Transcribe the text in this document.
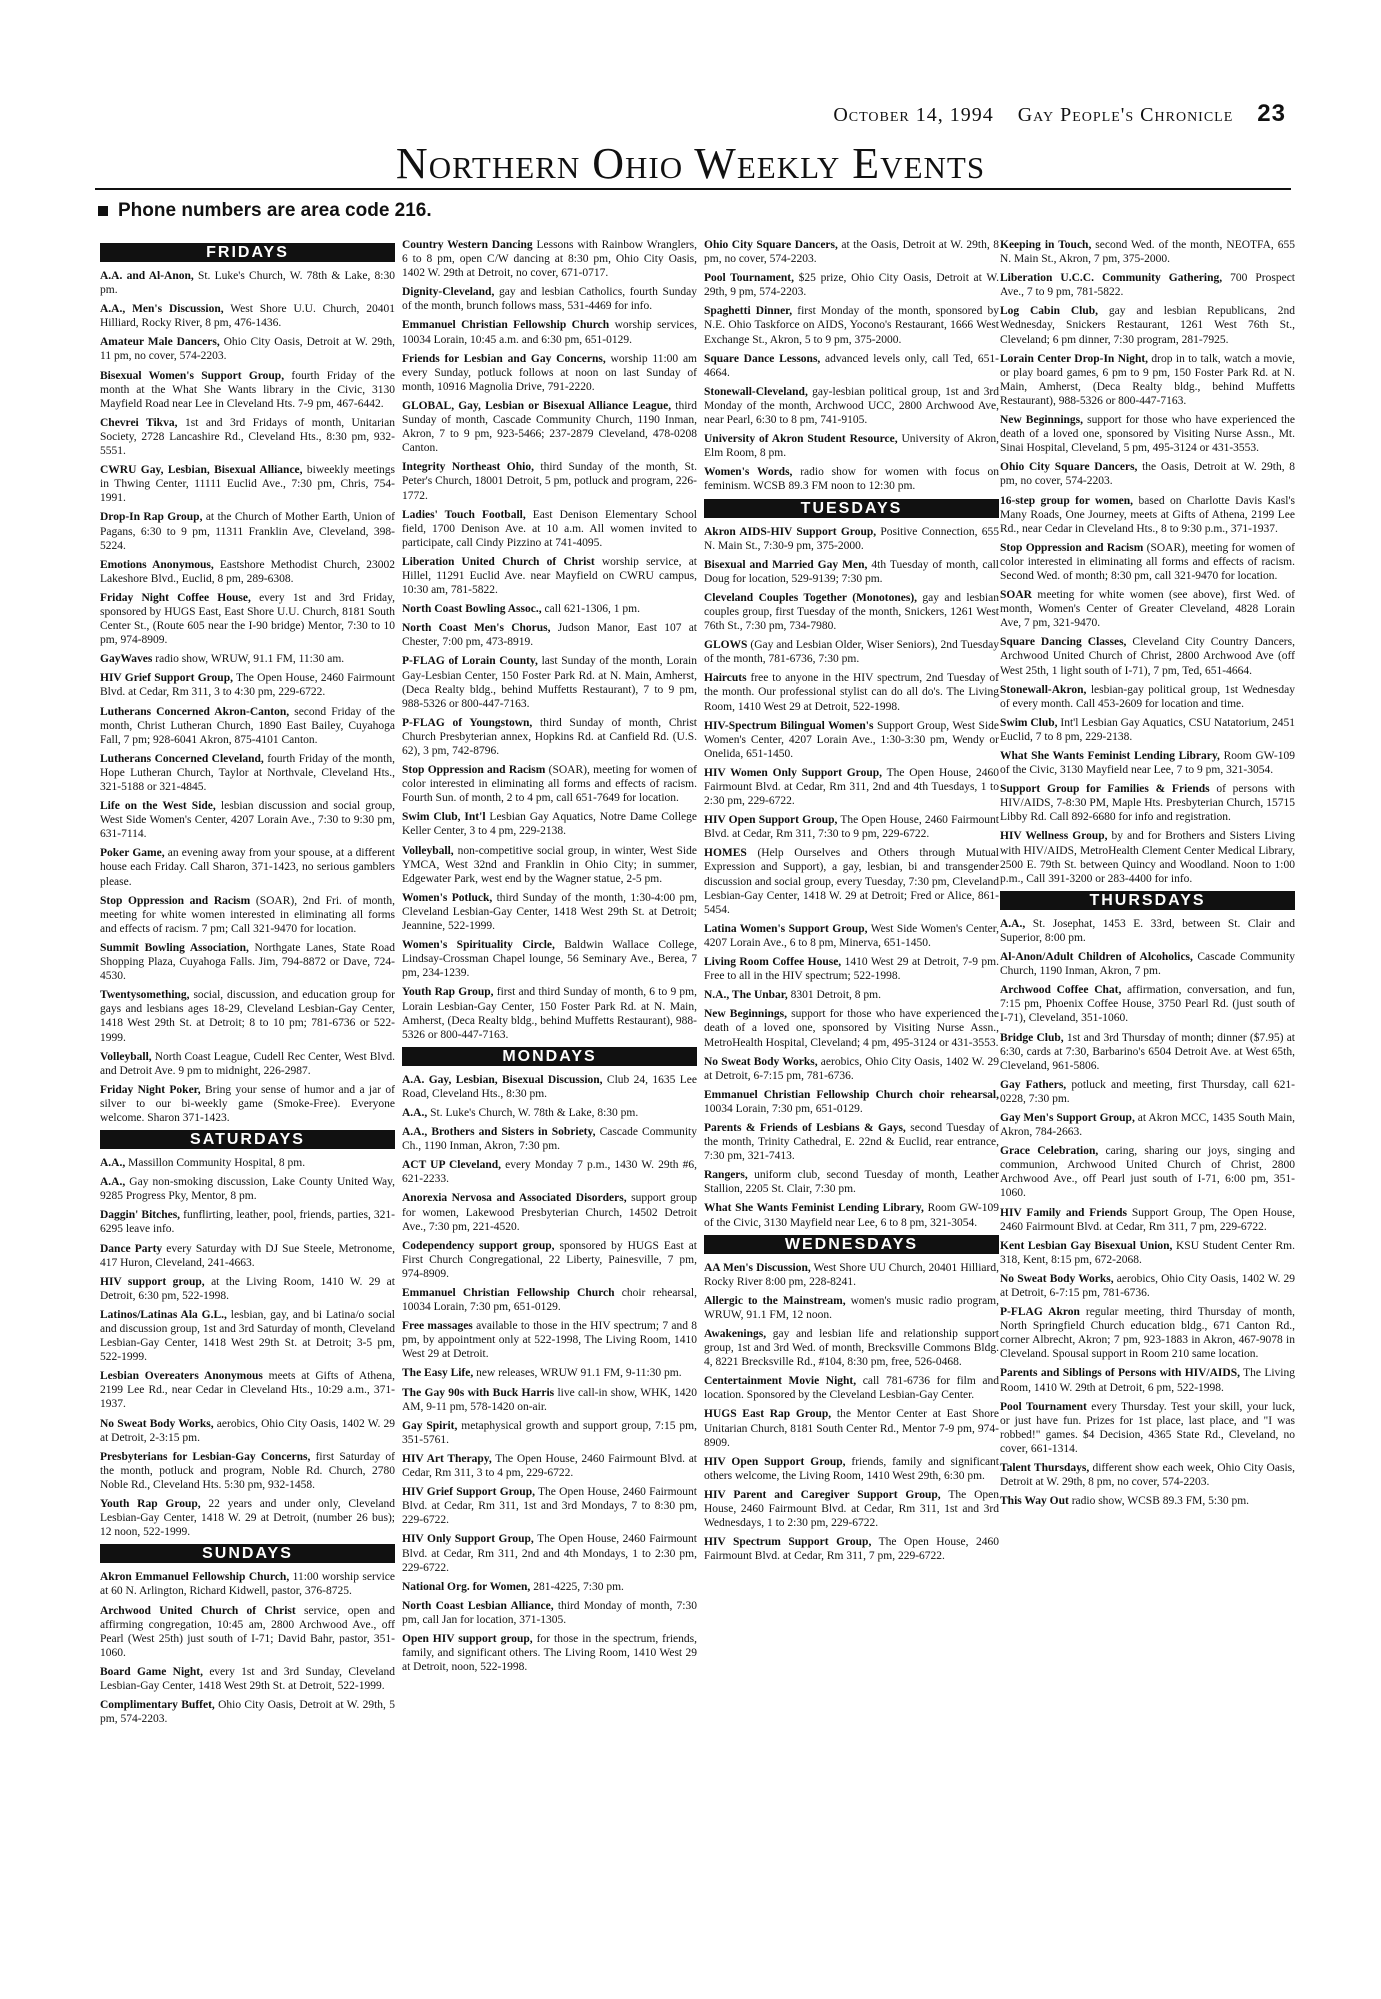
October 14, 1994 Gay People's Chronicle 23
Northern Ohio Weekly Events
Phone numbers are area code 216.
FRIDAYS
A.A. and Al-Anon, St. Luke's Church, W. 78th & Lake, 8:30 pm.
A.A., Men's Discussion, West Shore U.U. Church, 20401 Hilliard, Rocky River, 8 pm, 476-1436.
Amateur Male Dancers, Ohio City Oasis, Detroit at W. 29th, 11 pm, no cover, 574-2203.
Bisexual Women's Support Group, fourth Friday of the month at the What She Wants library in the Civic, 3130 Mayfield Road near Lee in Cleveland Hts. 7-9 pm, 467-6442.
Chevrei Tikva, 1st and 3rd Fridays of month, Unitarian Society, 2728 Lancashire Rd., Cleveland Hts., 8:30 pm, 932-5551.
CWRU Gay, Lesbian, Bisexual Alliance, biweekly meetings in Thwing Center, 11111 Euclid Ave., 7:30 pm, Chris, 754-1991.
Drop-In Rap Group, at the Church of Mother Earth, Union of Pagans, 6:30 to 9 pm, 11311 Franklin Ave, Cleveland, 398-5224.
Emotions Anonymous, Eastshore Methodist Church, 23002 Lakeshore Blvd., Euclid, 8 pm, 289-6308.
Friday Night Coffee House, every 1st and 3rd Friday, sponsored by HUGS East, East Shore U.U. Church, 8181 South Center St., (Route 605 near the I-90 bridge) Mentor, 7:30 to 10 pm, 974-8909.
GayWaves radio show, WRUW, 91.1 FM, 11:30 am.
HIV Grief Support Group, The Open House, 2460 Fairmount Blvd. at Cedar, Rm 311, 3 to 4:30 pm, 229-6722.
Lutherans Concerned Akron-Canton, second Friday of the month, Christ Lutheran Church, 1890 East Bailey, Cuyahoga Fall, 7 pm; 928-6041 Akron, 875-4101 Canton.
Lutherans Concerned Cleveland, fourth Friday of the month, Hope Lutheran Church, Taylor at Northvale, Cleveland Hts., 321-5188 or 321-4845.
Life on the West Side, lesbian discussion and social group, West Side Women's Center, 4207 Lorain Ave., 7:30 to 9:30 pm, 631-7114.
Poker Game, an evening away from your spouse, at a different house each Friday. Call Sharon, 371-1423, no serious gamblers please.
Stop Oppression and Racism (SOAR), 2nd Fri. of month, meeting for white women interested in eliminating all forms and effects of racism. 7 pm; Call 321-9470 for location.
Summit Bowling Association, Northgate Lanes, State Road Shopping Plaza, Cuyahoga Falls. Jim, 794-8872 or Dave, 724-4530.
Twentysomething, social, discussion, and education group for gays and lesbians ages 18-29, Cleveland Lesbian-Gay Center, 1418 West 29th St. at Detroit; 8 to 10 pm; 781-6736 or 522-1999.
Volleyball, North Coast League, Cudell Rec Center, West Blvd. and Detroit Ave. 9 pm to midnight, 226-2987.
Friday Night Poker, Bring your sense of humor and a jar of silver to our bi-weekly game (Smoke-Free). Everyone welcome. Sharon 371-1423.
SATURDAYS
A.A., Massillon Community Hospital, 8 pm.
A.A., Gay non-smoking discussion, Lake County United Way, 9285 Progress Pky, Mentor, 8 pm.
Daggin' Bitches, funflirting, leather, pool, friends, parties, 321-6295 leave info.
Dance Party every Saturday with DJ Sue Steele, Metronome, 417 Huron, Cleveland, 241-4663.
HIV support group, at the Living Room, 1410 W. 29 at Detroit, 6:30 pm, 522-1998.
Latinos/Latinas Ala G.L., lesbian, gay, and bi Latina/o social and discussion group, 1st and 3rd Saturday of month, Cleveland Lesbian-Gay Center, 1418 West 29th St. at Detroit; 3-5 pm, 522-1999.
Lesbian Overeaters Anonymous meets at Gifts of Athena, 2199 Lee Rd., near Cedar in Cleveland Hts., 10:29 a.m., 371-1937.
No Sweat Body Works, aerobics, Ohio City Oasis, 1402 W. 29 at Detroit, 2-3:15 pm.
Presbyterians for Lesbian-Gay Concerns, first Saturday of the month, potluck and program, Noble Rd. Church, 2780 Noble Rd., Cleveland Hts. 5:30 pm, 932-1458.
Youth Rap Group, 22 years and under only, Cleveland Lesbian-Gay Center, 1418 W. 29 at Detroit, (number 26 bus); 12 noon, 522-1999.
SUNDAYS
Akron Emmanuel Fellowship Church, 11:00 worship service at 60 N. Arlington, Richard Kidwell, pastor, 376-8725.
Archwood United Church of Christ service, open and affirming congregation, 10:45 am, 2800 Archwood Ave., off Pearl (West 25th) just south of I-71; David Bahr, pastor, 351-1060.
Board Game Night, every 1st and 3rd Sunday, Cleveland Lesbian-Gay Center, 1418 West 29th St. at Detroit, 522-1999.
Complimentary Buffet, Ohio City Oasis, Detroit at W. 29th, 5 pm, 574-2203.
Country Western Dancing Lessons with Rainbow Wranglers, 6 to 8 pm, open C/W dancing at 8:30 pm, Ohio City Oasis, 1402 W. 29th at Detroit, no cover, 671-0717.
Dignity-Cleveland, gay and lesbian Catholics, fourth Sunday of the month, brunch follows mass, 531-4469 for info.
Emmanuel Christian Fellowship Church worship services, 10034 Lorain, 10:45 a.m. and 6:30 pm, 651-0129.
Friends for Lesbian and Gay Concerns, worship 11:00 am every Sunday, potluck follows at noon on last Sunday of month, 10916 Magnolia Drive, 791-2220.
GLOBAL, Gay, Lesbian or Bisexual Alliance League, third Sunday of month, Cascade Community Church, 1190 Inman, Akron, 7 to 9 pm, 923-5466; 237-2879 Cleveland, 478-0208 Canton.
Integrity Northeast Ohio, third Sunday of the month, St. Peter's Church, 18001 Detroit, 5 pm, potluck and program, 226-1772.
Ladies' Touch Football, East Denison Elementary School field, 1700 Denison Ave. at 10 a.m. All women invited to participate, call Cindy Pizzino at 741-4095.
Liberation United Church of Christ worship service, at Hillel, 11291 Euclid Ave. near Mayfield on CWRU campus, 10:30 am, 781-5822.
North Coast Bowling Assoc., call 621-1306, 1 pm.
North Coast Men's Chorus, Judson Manor, East 107 at Chester, 7:00 pm, 473-8919.
P-FLAG of Lorain County, last Sunday of the month, Lorain Gay-Lesbian Center, 150 Foster Park Rd. at N. Main, Amherst, (Deca Realty bldg., behind Muffetts Restaurant), 7 to 9 pm, 988-5326 or 800-447-7163.
P-FLAG of Youngstown, third Sunday of month, Christ Church Presbyterian annex, Hopkins Rd. at Canfield Rd. (U.S. 62), 3 pm, 742-8796.
Stop Oppression and Racism (SOAR), meeting for women of color interested in eliminating all forms and effects of racism. Fourth Sun. of month, 2 to 4 pm, call 651-7649 for location.
Swim Club, Int'l Lesbian Gay Aquatics, Notre Dame College Keller Center, 3 to 4 pm, 229-2138.
Volleyball, non-competitive social group, in winter, West Side YMCA, West 32nd and Franklin in Ohio City; in summer, Edgewater Park, west end by the Wagner statue, 2-5 pm.
Women's Potluck, third Sunday of the month, 1:30-4:00 pm, Cleveland Lesbian-Gay Center, 1418 West 29th St. at Detroit; Jeannine, 522-1999.
Women's Spirituality Circle, Baldwin Wallace College, Lindsay-Crossman Chapel lounge, 56 Seminary Ave., Berea, 7 pm, 234-1239.
Youth Rap Group, first and third Sunday of month, 6 to 9 pm, Lorain Lesbian-Gay Center, 150 Foster Park Rd. at N. Main, Amherst, (Deca Realty bldg., behind Muffetts Restaurant), 988-5326 or 800-447-7163.
MONDAYS
A.A. Gay, Lesbian, Bisexual Discussion, Club 24, 1635 Lee Road, Cleveland Hts., 8:30 pm.
A.A., St. Luke's Church, W. 78th & Lake, 8:30 pm.
A.A., Brothers and Sisters in Sobriety, Cascade Community Ch., 1190 Inman, Akron, 7:30 pm.
ACT UP Cleveland, every Monday 7 p.m., 1430 W. 29th #6, 621-2233.
Anorexia Nervosa and Associated Disorders, support group for women, Lakewood Presbyterian Church, 14502 Detroit Ave., 7:30 pm, 221-4520.
Codependency support group, sponsored by HUGS East at First Church Congregational, 22 Liberty, Painesville, 7 pm, 974-8909.
Emmanuel Christian Fellowship Church choir rehearsal, 10034 Lorain, 7:30 pm, 651-0129.
Free massages available to those in the HIV spectrum; 7 and 8 pm, by appointment only at 522-1998, The Living Room, 1410 West 29 at Detroit.
The Easy Life, new releases, WRUW 91.1 FM, 9-11:30 pm.
The Gay 90s with Buck Harris live call-in show, WHK, 1420 AM, 9-11 pm, 578-1420 on-air.
Gay Spirit, metaphysical growth and support group, 7:15 pm, 351-5761.
HIV Art Therapy, The Open House, 2460 Fairmount Blvd. at Cedar, Rm 311, 3 to 4 pm, 229-6722.
HIV Grief Support Group, The Open House, 2460 Fairmount Blvd. at Cedar, Rm 311, 1st and 3rd Mondays, 7 to 8:30 pm, 229-6722.
HIV Only Support Group, The Open House, 2460 Fairmount Blvd. at Cedar, Rm 311, 2nd and 4th Mondays, 1 to 2:30 pm, 229-6722.
National Org. for Women, 281-4225, 7:30 pm.
North Coast Lesbian Alliance, third Monday of month, 7:30 pm, call Jan for location, 371-1305.
Open HIV support group, for those in the spectrum, friends, family, and significant others. The Living Room, 1410 West 29 at Detroit, noon, 522-1998.
Ohio City Square Dancers, at the Oasis, Detroit at W. 29th, 8 pm, no cover, 574-2203.
Pool Tournament, $25 prize, Ohio City Oasis, Detroit at W. 29th, 9 pm, 574-2203.
Spaghetti Dinner, first Monday of the month, sponsored by N.E. Ohio Taskforce on AIDS, Yocono's Restaurant, 1666 West Exchange St., Akron, 5 to 9 pm, 375-2000.
Square Dance Lessons, advanced levels only, call Ted, 651-4664.
Stonewall-Cleveland, gay-lesbian political group, 1st and 3rd Monday of the month, Archwood UCC, 2800 Archwood Ave, near Pearl, 6:30 to 8 pm, 741-9105.
University of Akron Student Resource, University of Akron, Elm Room, 8 pm.
Women's Words, radio show for women with focus on feminism. WCSB 89.3 FM noon to 12:30 pm.
TUESDAYS
Akron AIDS-HIV Support Group, Positive Connection, 655 N. Main St., 7:30-9 pm, 375-2000.
Bisexual and Married Gay Men, 4th Tuesday of month, call Doug for location, 529-9139; 7:30 pm.
Cleveland Couples Together (Monotones), gay and lesbian couples group, first Tuesday of the month, Snickers, 1261 West 76th St., 7:30 pm, 734-7980.
GLOWS (Gay and Lesbian Older, Wiser Seniors), 2nd Tuesday of the month, 781-6736, 7:30 pm.
Haircuts free to anyone in the HIV spectrum, 2nd Tuesday of the month. Our professional stylist can do all do's. The Living Room, 1410 West 29 at Detroit, 522-1998.
HIV-Spectrum Bilingual Women's Support Group, West Side Women's Center, 4207 Lorain Ave., 1:30-3:30 pm, Wendy or Onelida, 651-1450.
HIV Women Only Support Group, The Open House, 2460 Fairmount Blvd. at Cedar, Rm 311, 2nd and 4th Tuesdays, 1 to 2:30 pm, 229-6722.
HIV Open Support Group, The Open House, 2460 Fairmount Blvd. at Cedar, Rm 311, 7:30 to 9 pm, 229-6722.
HOMES (Help Ourselves and Others through Mutual Expression and Support), a gay, lesbian, bi and transgender discussion and social group, every Tuesday, 7:30 pm, Cleveland Lesbian-Gay Center, 1418 W. 29 at Detroit; Fred or Alice, 861-5454.
Latina Women's Support Group, West Side Women's Center, 4207 Lorain Ave., 6 to 8 pm, Minerva, 651-1450.
Living Room Coffee House, 1410 West 29 at Detroit, 7-9 pm. Free to all in the HIV spectrum; 522-1998.
N.A., The Unbar, 8301 Detroit, 8 pm.
New Beginnings, support for those who have experienced the death of a loved one, sponsored by Visiting Nurse Assn., MetroHealth Hospital, Cleveland; 4 pm, 495-3124 or 431-3553.
No Sweat Body Works, aerobics, Ohio City Oasis, 1402 W. 29 at Detroit, 6-7:15 pm, 781-6736.
Emmanuel Christian Fellowship Church choir rehearsal, 10034 Lorain, 7:30 pm, 651-0129.
Parents & Friends of Lesbians & Gays, second Tuesday of the month, Trinity Cathedral, E. 22nd & Euclid, rear entrance, 7:30 pm, 321-7413.
Rangers, uniform club, second Tuesday of month, Leather Stallion, 2205 St. Clair, 7:30 pm.
What She Wants Feminist Lending Library, Room GW-109 of the Civic, 3130 Mayfield near Lee, 6 to 8 pm, 321-3054.
WEDNESDAYS
AA Men's Discussion, West Shore UU Church, 20401 Hilliard, Rocky River 8:00 pm, 228-8241.
Allergic to the Mainstream, women's music radio program, WRUW, 91.1 FM, 12 noon.
Awakenings, gay and lesbian life and relationship support group, 1st and 3rd Wed. of month, Brecksville Commons Bldg. 4, 8221 Brecksville Rd., #104, 8:30 pm, free, 526-0468.
Centertainment Movie Night, call 781-6736 for film and location. Sponsored by the Cleveland Lesbian-Gay Center.
HUGS East Rap Group, the Mentor Center at East Shore Unitarian Church, 8181 South Center Rd., Mentor 7-9 pm, 974-8909.
HIV Open Support Group, friends, family and significant others welcome, the Living Room, 1410 West 29th, 6:30 pm.
HIV Parent and Caregiver Support Group, The Open House, 2460 Fairmount Blvd. at Cedar, Rm 311, 1st and 3rd Wednesdays, 1 to 2:30 pm, 229-6722.
HIV Spectrum Support Group, The Open House, 2460 Fairmount Blvd. at Cedar, Rm 311, 7 pm, 229-6722.
Keeping in Touch, second Wed. of the month, NEOTFA, 655 N. Main St., Akron, 7 pm, 375-2000.
Liberation U.C.C. Community Gathering, 700 Prospect Ave., 7 to 9 pm, 781-5822.
Log Cabin Club, gay and lesbian Republicans, 2nd Wednesday, Snickers Restaurant, 1261 West 76th St., Cleveland; 6 pm dinner, 7:30 program, 281-7925.
Lorain Center Drop-In Night, drop in to talk, watch a movie, or play board games, 6 pm to 9 pm, 150 Foster Park Rd. at N. Main, Amherst, (Deca Realty bldg., behind Muffetts Restaurant), 988-5326 or 800-447-7163.
New Beginnings, support for those who have experienced the death of a loved one, sponsored by Visiting Nurse Assn., Mt. Sinai Hospital, Cleveland, 5 pm, 495-3124 or 431-3553.
Ohio City Square Dancers, the Oasis, Detroit at W. 29th, 8 pm, no cover, 574-2203.
16-step group for women, based on Charlotte Davis Kasl's Many Roads, One Journey, meets at Gifts of Athena, 2199 Lee Rd., near Cedar in Cleveland Hts., 8 to 9:30 p.m., 371-1937.
Stop Oppression and Racism (SOAR), meeting for women of color interested in eliminating all forms and effects of racism. Second Wed. of month; 8:30 pm, call 321-9470 for location.
SOAR meeting for white women (see above), first Wed. of month, Women's Center of Greater Cleveland, 4828 Lorain Ave, 7 pm, 321-9470.
Square Dancing Classes, Cleveland City Country Dancers, Archwood United Church of Christ, 2800 Archwood Ave (off West 25th, 1 light south of I-71), 7 pm, Ted, 651-4664.
Stonewall-Akron, lesbian-gay political group, 1st Wednesday of every month. Call 453-2609 for location and time.
Swim Club, Int'l Lesbian Gay Aquatics, CSU Natatorium, 2451 Euclid, 7 to 8 pm, 229-2138.
What She Wants Feminist Lending Library, Room GW-109 of the Civic, 3130 Mayfield near Lee, 7 to 9 pm, 321-3054.
Support Group for Families & Friends of persons with HIV/AIDS, 7-8:30 PM, Maple Hts. Presbyterian Church, 15715 Libby Rd. Call 892-6680 for info and registration.
HIV Wellness Group, by and for Brothers and Sisters Living with HIV/AIDS, MetroHealth Clement Center Medical Library, 2500 E. 79th St. between Quincy and Woodland. Noon to 1:00 p.m., Call 391-3200 or 283-4400 for info.
THURSDAYS
A.A., St. Josephat, 1453 E. 33rd, between St. Clair and Superior, 8:00 pm.
Al-Anon/Adult Children of Alcoholics, Cascade Community Church, 1190 Inman, Akron, 7 pm.
Archwood Coffee Chat, affirmation, conversation, and fun, 7:15 pm, Phoenix Coffee House, 3750 Pearl Rd. (just south of I-71), Cleveland, 351-1060.
Bridge Club, 1st and 3rd Thursday of month; dinner ($7.95) at 6:30, cards at 7:30, Barbarino's 6504 Detroit Ave. at West 65th, Cleveland, 961-5806.
Gay Fathers, potluck and meeting, first Thursday, call 621-0228, 7:30 pm.
Gay Men's Support Group, at Akron MCC, 1435 South Main, Akron, 784-2663.
Grace Celebration, caring, sharing our joys, singing and communion, Archwood United Church of Christ, 2800 Archwood Ave., off Pearl just south of I-71, 6:00 pm, 351-1060.
HIV Family and Friends Support Group, The Open House, 2460 Fairmount Blvd. at Cedar, Rm 311, 7 pm, 229-6722.
Kent Lesbian Gay Bisexual Union, KSU Student Center Rm. 318, Kent, 8:15 pm, 672-2068.
No Sweat Body Works, aerobics, Ohio City Oasis, 1402 W. 29 at Detroit, 6-7:15 pm, 781-6736.
P-FLAG Akron regular meeting, third Thursday of month, North Springfield Church education bldg., 671 Canton Rd., corner Albrecht, Akron; 7 pm, 923-1883 in Akron, 467-9078 in Cleveland. Spousal support in Room 210 same location.
Parents and Siblings of Persons with HIV/AIDS, The Living Room, 1410 W. 29th at Detroit, 6 pm, 522-1998.
Pool Tournament every Thursday. Test your skill, your luck, or just have fun. Prizes for 1st place, last place, and "I was robbed!" games. $4 Decision, 4365 State Rd., Cleveland, no cover, 661-1314.
Talent Thursdays, different show each week, Ohio City Oasis, Detroit at W. 29th, 8 pm, no cover, 574-2203.
This Way Out radio show, WCSB 89.3 FM, 5:30 pm.
